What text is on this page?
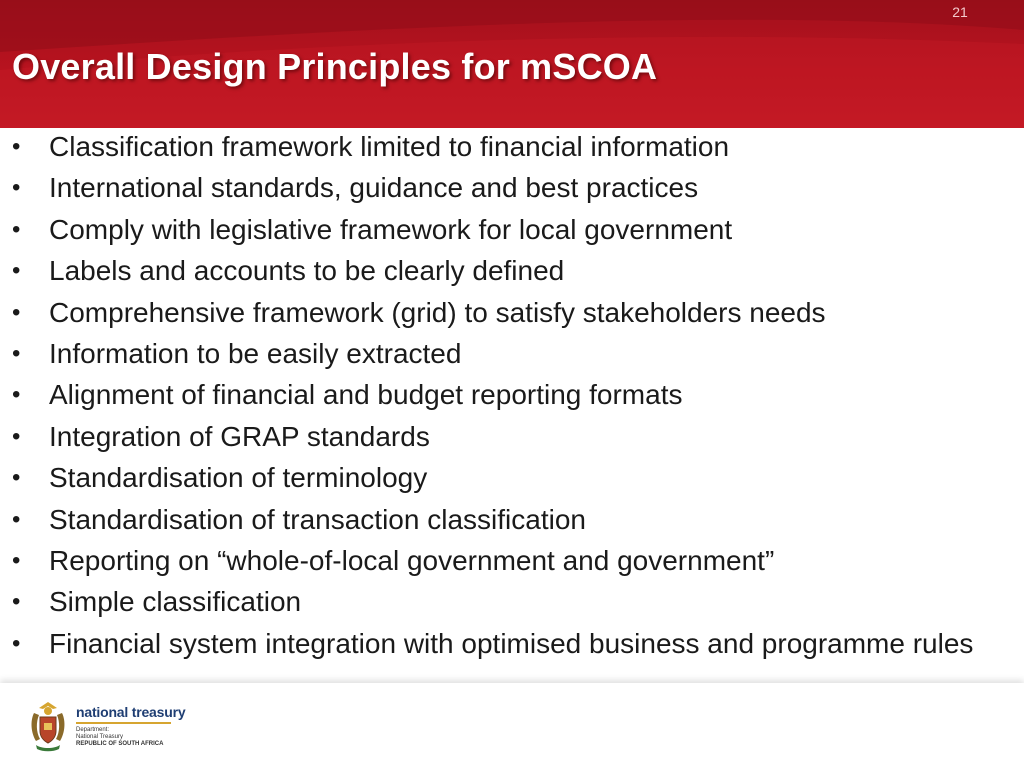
21
Overall Design Principles for mSCOA
• Classification framework limited to financial information
• International standards, guidance and best practices
• Comply with legislative framework for local government
• Labels and accounts to be clearly defined
• Comprehensive framework (grid) to satisfy stakeholders needs
• Information to be easily extracted
• Alignment of financial and budget reporting formats
• Integration of GRAP standards
• Standardisation of terminology
• Standardisation of transaction classification
• Reporting on “whole-of-local government and government”
• Simple classification
• Financial system integration with optimised business and programme rules
national treasury
Department:
National Treasury
REPUBLIC OF SOUTH AFRICA
